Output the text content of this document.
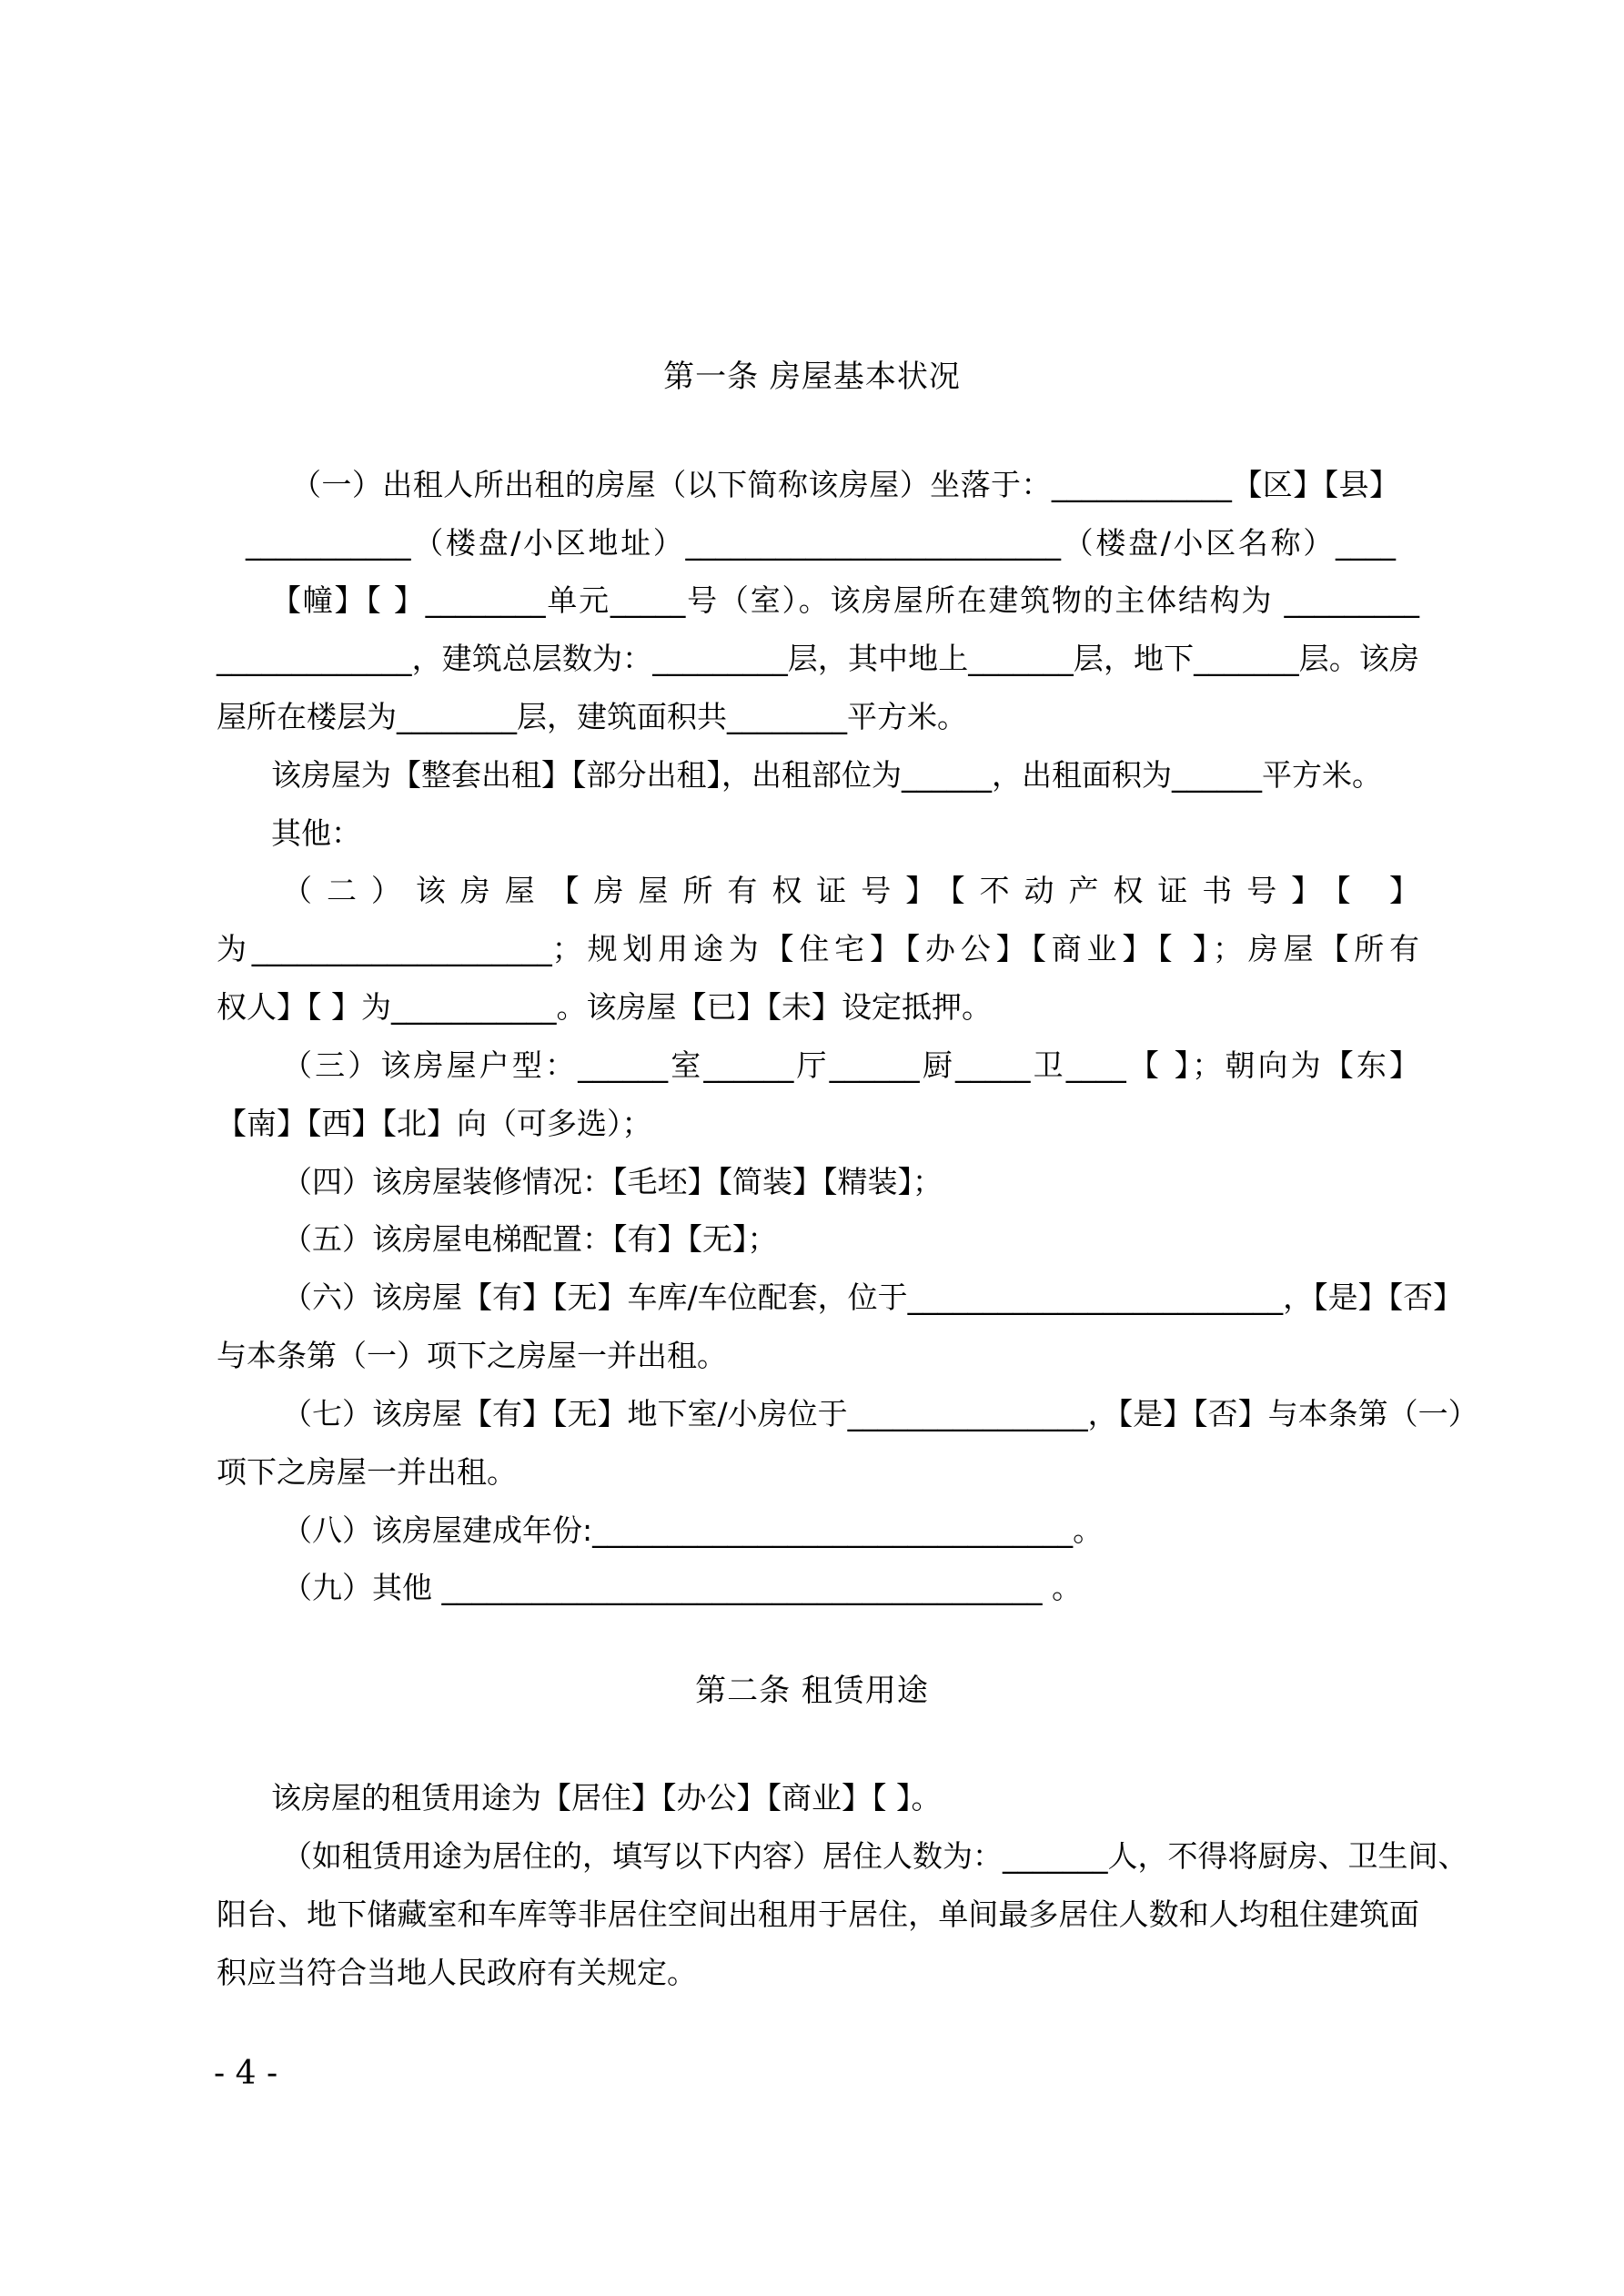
第一条 房屋基本状况
（一）出租人所出租的房屋（以下简称该房屋）坐落于：____________【区】【县】
___________（楼盘/小区地址）_________________________（楼盘/小区名称）____
【幢】【 】________单元_____号（室）。该房屋所在建筑物的主体结构为 _________
_____________，建筑总层数为：_________层，其中地上_______层，地下_______层。该房
屋所在楼层为________层，建筑面积共________平方米。
该房屋为【整套出租】【部分出租】，出租部位为______，出租面积为______平方米。
其他：
（二）该房屋【房屋所有权证号】【不动产权证书号】【 】
为____________________；规划用途为【住宅】【办公】【商业】【 】；房屋【所有
权人】【 】为___________。该房屋【已】【未】设定抵押。
（三）该房屋户型：______室______厅______厨_____卫____【 】；朝向为【东】
【南】【西】【北】向（可多选）；
（四）该房屋装修情况：【毛坯】【简装】【精装】；
（五）该房屋电梯配置：【有】【无】；
（六）该房屋【有】【无】车库/车位配套，位于_________________________，【是】【否】
与本条第（一）项下之房屋一并出租。
（七）该房屋【有】【无】地下室/小房位于________________，【是】【否】与本条第（一）
项下之房屋一并出租。
（八）该房屋建成年份:________________________________。
（九）其他 ________________________________________ 。
第二条 租赁用途
该房屋的租赁用途为【居住】【办公】【商业】【 】。
（如租赁用途为居住的，填写以下内容）居住人数为：_______人，不得将厨房、卫生间、
阳台、地下储藏室和车库等非居住空间出租用于居住，单间最多居住人数和人均租住建筑面
积应当符合当地人民政府有关规定。
- 4 -
